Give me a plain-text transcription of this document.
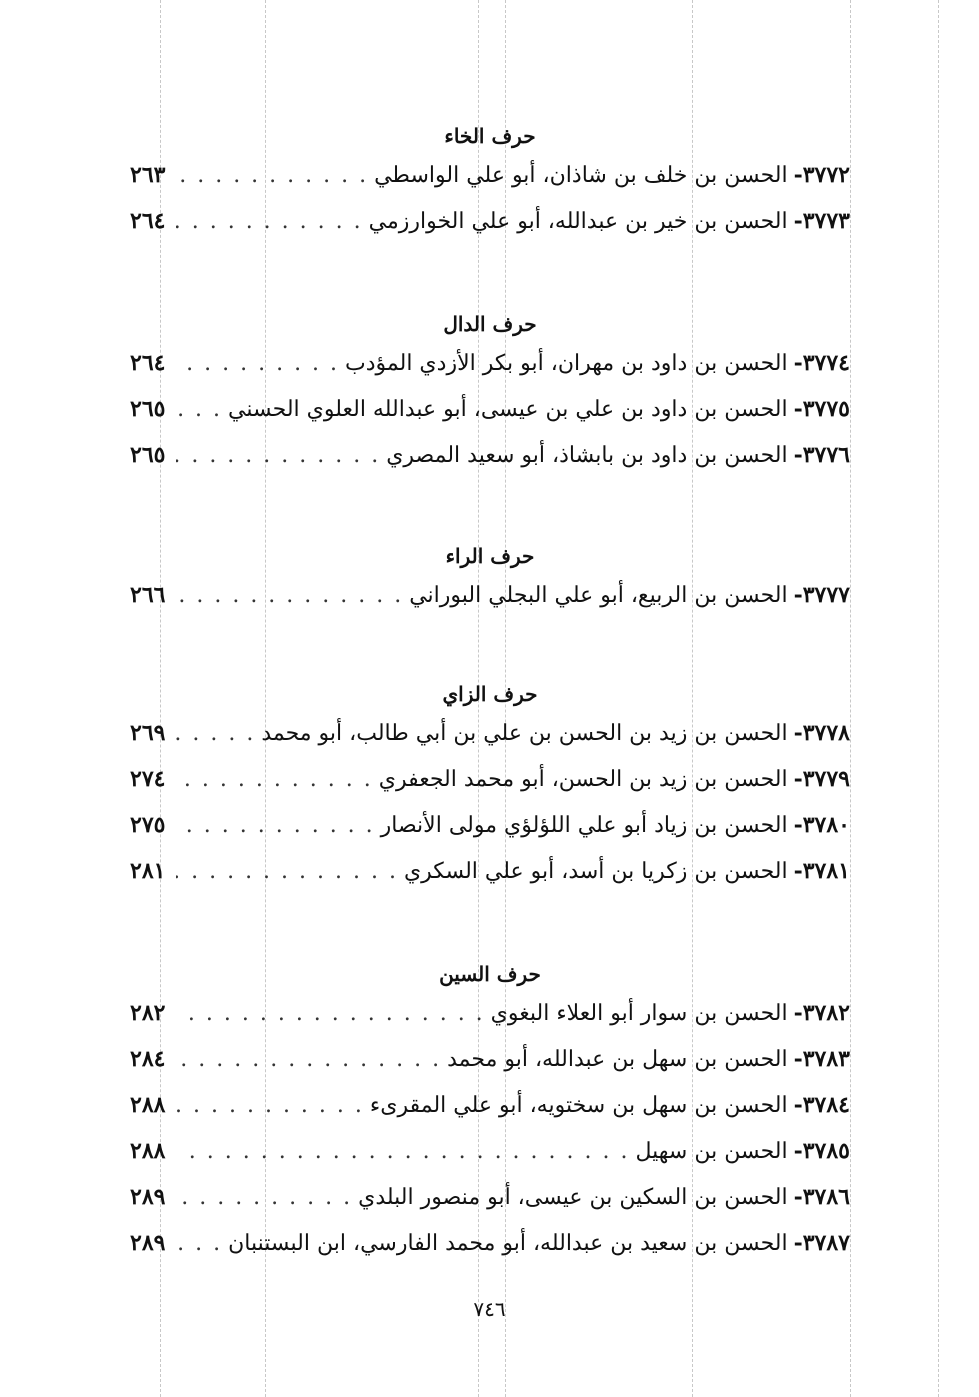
حرف الخاء
٣٧٧٢-
الحسن بن خلف بن شاذان، أبو علي الواسطي
. . .
٢٦٣
٣٧٧٣-
الحسن بن خير بن عبدالله، أبو علي الخوارزمي
. . .
٢٦٤
حرف الدال
٣٧٧٤-
الحسن بن داود بن مهران، أبو بكر الأزدي المؤدب
. . .
٢٦٤
٣٧٧٥-
الحسن بن داود بن علي بن عيسى، أبو عبدالله العلوي الحسني
. . .
٢٦٥
٣٧٧٦-
الحسن بن داود بن بابشاذ، أبو سعيد المصري
. . .
٢٦٥
حرف الراء
٣٧٧٧-
الحسن بن الربيع، أبو علي البجلي البوراني
. . .
٢٦٦
حرف الزاي
٣٧٧٨-
الحسن بن زيد بن الحسن بن علي بن أبي طالب، أبو محمد
. . .
٢٦٩
٣٧٧٩-
الحسن بن زيد بن الحسن، أبو محمد الجعفري
. . .
٢٧٤
٣٧٨٠-
الحسن بن زياد أبو علي اللؤلؤي مولى الأنصار
. . .
٢٧٥
٣٧٨١-
الحسن بن زكريا بن أسد، أبو علي السكري
. . .
٢٨١
حرف السين
٣٧٨٢-
الحسن بن سوار أبو العلاء البغوي
. . .
٢٨٢
٣٧٨٣-
الحسن بن سهل بن عبدالله، أبو محمد
. . .
٢٨٤
٣٧٨٤-
الحسن بن سهل بن سختويه، أبو علي المقرىء
. . .
٢٨٨
٣٧٨٥-
الحسن بن سهيل
. . .
٢٨٨
٣٧٨٦-
الحسن بن السكين بن عيسى، أبو منصور البلدي
. . .
٢٨٩
٣٧٨٧-
الحسن بن سعيد بن عبدالله، أبو محمد الفارسي، ابن البستنبان
. . .
٢٨٩
٧٤٦
